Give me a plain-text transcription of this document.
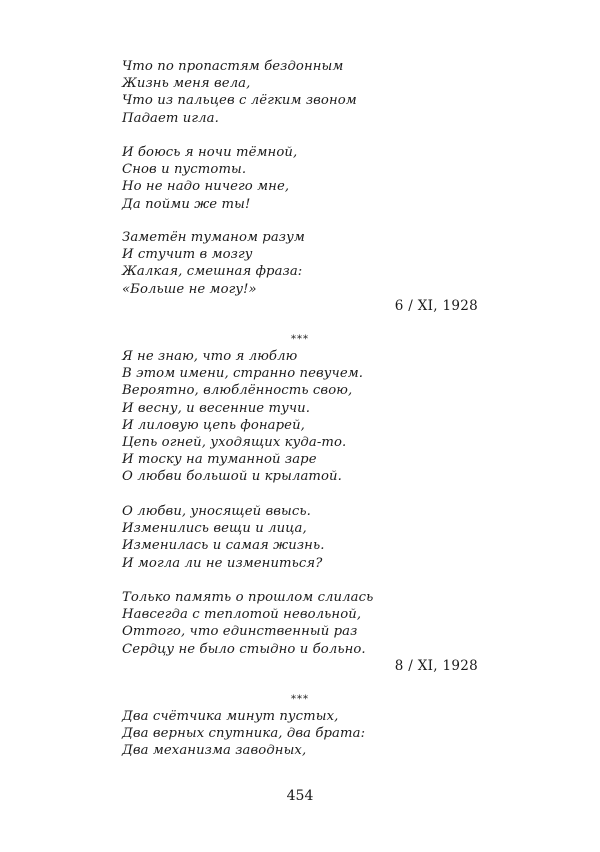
Что по пропастям бездонным
Жизнь меня вела,
Что из пальцев с лёгким звоном
Падает игла.
И боюсь я ночи тёмной,
Снов и пустоты.
Но не надо ничего мне,
Да пойми же ты!
Заметён туманом разум
И стучит в мозгу
Жалкая, смешная фраза:
«Больше не могу!»
6 / XI, 1928
***
Я не знаю, что я люблю
В этом имени, странно певучем.
Вероятно, влюблённость свою,
И весну, и весенние тучи.
И лиловую цепь фонарей,
Цепь огней, уходящих куда-то.
И тоску на туманной заре
О любви большой и крылатой.
О любви, уносящей ввысь.
Изменились вещи и лица,
Изменилась и самая жизнь.
И могла ли не измениться?
Только память о прошлом слилась
Навсегда с теплотой невольной,
Оттого, что единственный раз
Сердцу не было стыдно и больно.
8 / XI, 1928
***
Два счётчика минут пустых,
Два верных спутника, два брата:
Два механизма заводных,
454
